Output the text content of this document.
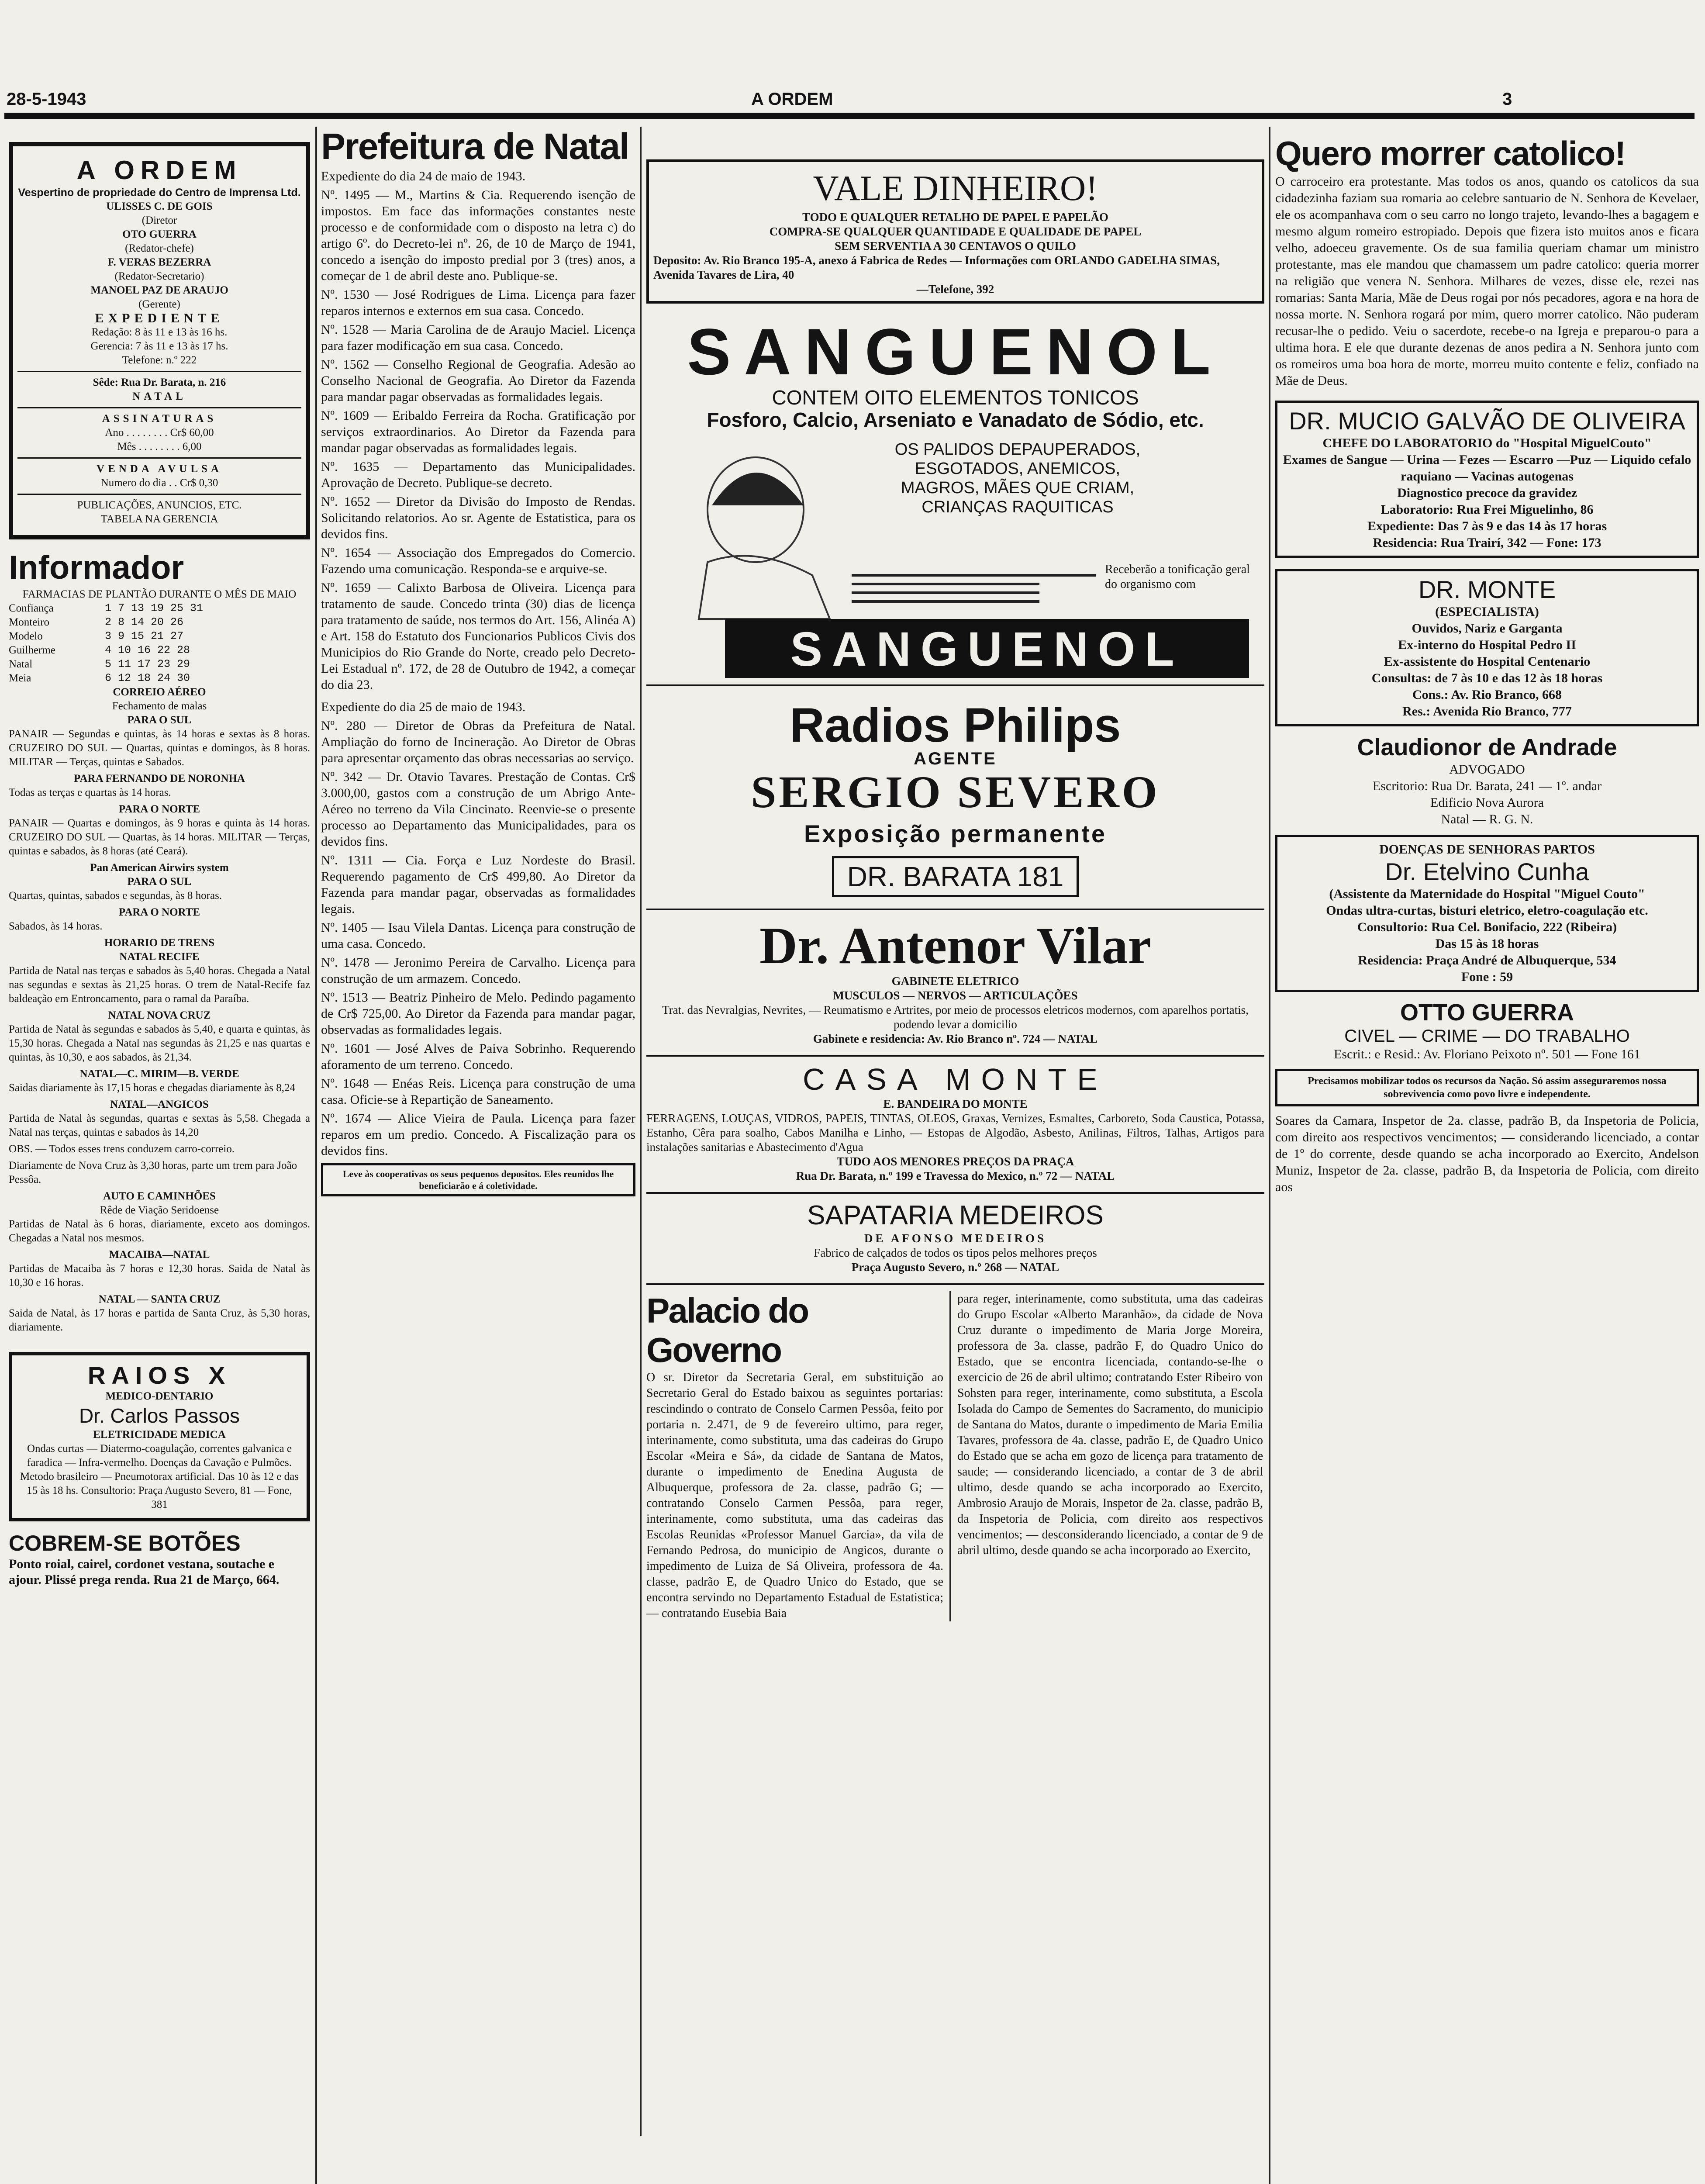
28-5-1943	A ORDEM	3
A ORDEM
Vespertino de propriedade do Centro de Imprensa Ltd.
ULISSES C. DE GOIS
(Diretor
OTO GUERRA
(Redator-chefe)
F. VERAS BEZERRA
(Redator-Secretario)
MANOEL PAZ DE ARAUJO
(Gerente)
EXPEDIENTE
Redação: 8 às 11 e 13 às 16 hs.
Gerencia: 7 às 11 e 13 às 17 hs.
Telefone: n.º 222
Sêde: Rua Dr. Barata, n. 216
NATAL
ASSINATURAS
Ano . . . . . . . . Cr$ 60,00
Mês . . . . . . . . 6,00
VENDA AVULSA
Numero do dia . . Cr$ 0,30
PUBLICAÇÕES, ANUNCIOS, ETC.
TABELA NA GERENCIA
Informador
FARMACIAS DE PLANTÃO DURANTE O MÊS DE MAIO
Confiança	1 7 13 19 25 31
Monteiro	2 8 14 20 26
Modelo	3 9 15 21 27
Guilherme	4 10 16 22 28
Natal	5 11 17 23 29
Meia	6 12 18 24 30
CORREIO AÉREO
Fechamento de malas
PARA O SUL

PANAIR — Segundas e quintas, às 14 horas e sextas às 8 horas. CRUZEIRO DO SUL — Quartas, quintas e domingos, às 8 horas. MILITAR — Terças, quintas e Sabados.

PARA FERNANDO DE NORONHA

Todas as terças e quartas às 14 horas.

PARA O NORTE

PANAIR — Quartas e domingos, às 9 horas e quinta às 14 horas. CRUZEIRO DO SUL — Quartas, às 14 horas. MILITAR — Terças, quintas e sabados, às 8 horas (até Ceará).

Pan American Airwirs system
PARA O SUL

Quartas, quintas, sabados e segundas, às 8 horas.

PARA O NORTE

Sabados, às 14 horas.

HORARIO DE TRENS
NATAL RECIFE

Partida de Natal nas terças e sabados às 5,40 horas. Chegada a Natal nas segundas e sextas às 21,25 horas. O trem de Natal-Recife faz baldeação em Entroncamento, para o ramal da Paraíba.

NATAL NOVA CRUZ

Partida de Natal às segundas e sabados às 5,40, e quarta e quintas, às 15,30 horas. Chegada a Natal nas segundas às 21,25 e nas quartas e quintas, às 10,30, e aos sabados, às 21,34.

NATAL—C. MIRIM—B. VERDE

Saidas diariamente às 17,15 horas e chegadas diariamente às 8,24

NATAL—ANGICOS

Partida de Natal às segundas, quartas e sextas às 5,58. Chegada a Natal nas terças, quintas e sabados às 14,20

OBS. — Todos esses trens conduzem carro-correio.

Diariamente de Nova Cruz às 3,30 horas, parte um trem para João Pessôa.

AUTO E CAMINHÕES
Rêde de Viação Seridoense

Partidas de Natal às 6 horas, diariamente, exceto aos domingos. Chegadas a Natal nos mesmos.

MACAIBA—NATAL

Partidas de Macaiba às 7 horas e 12,30 horas. Saida de Natal às 10,30 e 16 horas.

NATAL — SANTA CRUZ

Saida de Natal, às 17 horas e partida de Santa Cruz, às 5,30 horas, diariamente.

RAIOS X
MEDICO-DENTARIO
Dr. Carlos Passos
ELETRICIDADE MEDICA
Ondas curtas — Diatermo-coagulação, correntes galvanica e faradica — Infra-vermelho. Doenças da Cavação e Pulmões. Metodo brasileiro — Pneumotorax artificial. Das 10 às 12 e das 15 às 18 hs. Consultorio: Praça Augusto Severo, 81 — Fone, 381
COBREM-SE BOTÕES
Ponto roial, cairel, cordonet vestana, soutache e ajour. Plissé prega renda. Rua 21 de Março, 664.
Prefeitura de Natal

Expediente do dia 24 de maio de 1943.

Nº. 1495 — M., Martins & Cia. Requerendo isenção de impostos. Em face das informações constantes neste processo e de conformidade com o disposto na letra c) do artigo 6º. do Decreto-lei nº. 26, de 10 de Março de 1941, concedo a isenção do imposto predial por 3 (tres) anos, a começar de 1 de abril deste ano. Publique-se.

Nº. 1530 — José Rodrigues de Lima. Licença para fazer reparos internos e externos em sua casa. Concedo.

Nº. 1528 — Maria Carolina de de Araujo Maciel. Licença para fazer modificação em sua casa. Concedo.

Nº. 1562 — Conselho Regional de Geografia. Adesão ao Conselho Nacional de Geografia. Ao Diretor da Fazenda para mandar pagar observadas as formalidades legais.

Nº. 1609 — Eribaldo Ferreira da Rocha. Gratificação por serviços extraordinarios. Ao Diretor da Fazenda para mandar pagar observadas as formalidades legais.

Nº. 1635 — Departamento das Municipalidades. Aprovação de Decreto. Publique-se decreto.

Nº. 1652 — Diretor da Divisão do Imposto de Rendas. Solicitando relatorios. Ao sr. Agente de Estatistica, para os devidos fins.

Nº. 1654 — Associação dos Empregados do Comercio. Fazendo uma comunicação. Responda-se e arquive-se.

Nº. 1659 — Calixto Barbosa de Oliveira. Licença para tratamento de saude. Concedo trinta (30) dias de licença para tratamento de saúde, nos termos do Art. 156, Alinéa A) e Art. 158 do Estatuto dos Funcionarios Publicos Civis dos Municipios do Rio Grande do Norte, creado pelo Decreto-Lei Estadual nº. 172, de 28 de Outubro de 1942, a começar do dia 23.

Expediente do dia 25 de maio de 1943.

Nº. 280 — Diretor de Obras da Prefeitura de Natal. Ampliação do forno de Incineração. Ao Diretor de Obras para apresentar orçamento das obras necessarias ao serviço.

Nº. 342 — Dr. Otavio Tavares. Prestação de Contas. Cr$ 3.000,00, gastos com a construção de um Abrigo Ante-Aéreo no terreno da Vila Cincinato. Reenvie-se o presente processo ao Departamento das Municipalidades, para os devidos fins.

Nº. 1311 — Cia. Força e Luz Nordeste do Brasil. Requerendo pagamento de Cr$ 499,80. Ao Diretor da Fazenda para mandar pagar, observadas as formalidades legais.

Nº. 1405 — Isau Vilela Dantas. Licença para construção de uma casa. Concedo.

Nº. 1478 — Jeronimo Pereira de Carvalho. Licença para construção de um armazem. Concedo.

Nº. 1513 — Beatriz Pinheiro de Melo. Pedindo pagamento de Cr$ 725,00. Ao Diretor da Fazenda para mandar pagar, observadas as formalidades legais.

Nº. 1601 — José Alves de Paiva Sobrinho. Requerendo aforamento de um terreno. Concedo.

Nº. 1648 — Enéas Reis. Licença para construção de uma casa. Oficie-se à Repartição de Saneamento.

Nº. 1674 — Alice Vieira de Paula. Licença para fazer reparos em um predio. Concedo. A Fiscalização para os devidos fins.

Leve às cooperativas os seus pequenos depositos. Eles reunidos lhe beneficiarão e á coletividade.
VALE DINHEIRO!
TODO E QUALQUER RETALHO DE PAPEL E PAPELÃO
COMPRA-SE QUALQUER QUANTIDADE E QUALIDADE DE PAPEL
SEM SERVENTIA A 30 CENTAVOS O QUILO
Deposito: Av. Rio Branco 195-A, anexo á Fabrica de Redes — Informações com ORLANDO GADELHA SIMAS, Avenida Tavares de Lira, 40
—Telefone, 392
SANGUENOL
CONTEM OITO ELEMENTOS TONICOS
Fosforo, Calcio, Arseniato e Vanadato de Sódio, etc.
OS PALIDOS DEPAUPERADOS, ESGOTADOS, ANEMICOS, MAGROS, MÃES QUE CRIAM, CRIANÇAS RAQUITICAS
Receberão a tonificação geral do organismo com
SANGUENOL
Radios Philips
AGENTE
SERGIO SEVERO
Exposição permanente
DR. BARATA 181
Dr. Antenor Vilar
GABINETE ELETRICO
MUSCULOS — NERVOS — ARTICULAÇÕES
Trat. das Nevralgias, Nevrites, — Reumatismo e Artrites, por meio de processos eletricos modernos, com aparelhos portatis, podendo levar a domicilio
Gabinete e residencia: Av. Rio Branco nº. 724 — NATAL
CASA MONTE
E. BANDEIRA DO MONTE
FERRAGENS, LOUÇAS, VIDROS, PAPEIS, TINTAS, OLEOS, Graxas, Vernizes, Esmaltes, Carboreto, Soda Caustica, Potassa, Estanho, Cêra para soalho, Cabos Manilha e Linho, — Estopas de Algodão, Asbesto, Anilinas, Filtros, Talhas, Artigos para instalações sanitarias e Abastecimento d'Agua
TUDO AOS MENORES PREÇOS DA PRAÇA
Rua Dr. Barata, n.º 199 e Travessa do Mexico, n.º 72 — NATAL
SAPATARIA MEDEIROS
DE AFONSO MEDEIROS
Fabrico de calçados de todos os tipos pelos melhores preços
Praça Augusto Severo, n.º 268 — NATAL
Palacio do Governo
O sr. Diretor da Secretaria Geral, em substituição ao Secretario Geral do Estado baixou as seguintes portarias: rescindindo o contrato de Conselo Carmen Pessôa, feito por portaria n. 2.471, de 9 de fevereiro ultimo, para reger, interinamente, como substituta, uma das cadeiras do Grupo Escolar «Meira e Sá», da cidade de Santana de Matos, durante o impedimento de Enedina Augusta de Albuquerque, professora de 2a. classe, padrão G; — contratando Conselo Carmen Pessôa, para reger, interinamente, como substituta, uma das cadeiras das Escolas Reunidas «Professor Manuel Garcia», da vila de Fernando Pedrosa, do municipio de Angicos, durante o impedimento de Luiza de Sá Oliveira, professora de 4a. classe, padrão E, de Quadro Unico do Estado, que se encontra servindo no Departamento Estadual de Estatistica; — contratando Eusebia Baia
para reger, interinamente, como substituta, uma das cadeiras do Grupo Escolar «Alberto Maranhão», da cidade de Nova Cruz durante o impedimento de Maria Jorge Moreira, professora de 3a. classe, padrão F, do Quadro Unico do Estado, que se encontra licenciada, contando-se-lhe o exercicio de 26 de abril ultimo; contratando Ester Ribeiro von Sohsten para reger, interinamente, como substituta, a Escola Isolada do Campo de Sementes do Sacramento, do municipio de Santana do Matos, durante o impedimento de Maria Emilia Tavares, professora de 4a. classe, padrão E, de Quadro Unico do Estado que se acha em gozo de licença para tratamento de saude; — considerando licenciado, a contar de 3 de abril ultimo, desde quando se acha incorporado ao Exercito, Ambrosio Araujo de Morais, Inspetor de 2a. classe, padrão B, da Inspetoria de Policia, com direito aos respectivos vencimentos; — desconsiderando licenciado, a contar de 9 de abril ultimo, desde quando se acha incorporado ao Exercito,
Quero morrer catolico!

O carroceiro era protestante. Mas todos os anos, quando os catolicos da sua cidadezinha faziam sua romaria ao celebre santuario de N. Senhora de Kevelaer, ele os acompanhava com o seu carro no longo trajeto, levando-lhes a bagagem e mesmo algum romeiro estropiado. Depois que fizera isto muitos anos e ficara velho, adoeceu gravemente. Os de sua familia queriam chamar um ministro protestante, mas ele mandou que chamassem um padre catolico: queria morrer na religião que venera N. Senhora. Milhares de vezes, disse ele, rezei nas romarias: Santa Maria, Mãe de Deus rogai por nós pecadores, agora e na hora de nossa morte. N. Senhora rogará por mim, quero morrer catolico. Não puderam recusar-lhe o pedido. Veiu o sacerdote, recebe-o na Igreja e preparou-o para a ultima hora. E ele que durante dezenas de anos pedira a N. Senhora junto com os romeiros uma boa hora de morte, morreu muito contente e feliz, confiado na Mãe de Deus.

DR. MUCIO GALVÃO DE OLIVEIRA
CHEFE DO LABORATORIO do "Hospital MiguelCouto"
Exames de Sangue — Urina — Fezes — Escarro —Puz — Liquido cefalo raquiano — Vacinas autogenas
Diagnostico precoce da gravidez
Laboratorio: Rua Frei Miguelinho, 86
Expediente: Das 7 às 9 e das 14 às 17 horas
Residencia: Rua Trairí, 342 — Fone: 173
DR. MONTE
(ESPECIALISTA)
Ouvidos, Nariz e Garganta
Ex-interno do Hospital Pedro II
Ex-assistente do Hospital Centenario
Consultas: de 7 às 10 e das 12 às 18 horas
Cons.: Av. Rio Branco, 668
Res.: Avenida Rio Branco, 777
Claudionor de Andrade
ADVOGADO
Escritorio: Rua Dr. Barata, 241 — 1º. andar
Edificio Nova Aurora
Natal — R. G. N.
DOENÇAS DE SENHORAS PARTOS
Dr. Etelvino Cunha
(Assistente da Maternidade do Hospital "Miguel Couto"
Ondas ultra-curtas, bisturi eletrico, eletro-coagulação etc.
Consultorio: Rua Cel. Bonifacio, 222 (Ribeira)
Das 15 às 18 horas
Residencia: Praça André de Albuquerque, 534
Fone : 59
OTTO GUERRA
CIVEL — CRIME — DO TRABALHO
Escrit.: e Resid.: Av. Floriano Peixoto nº. 501 — Fone 161
Precisamos mobilizar todos os recursos da Nação. Só assim asseguraremos nossa sobrevivencia como povo livre e independente.

Soares da Camara, Inspetor de 2a. classe, padrão B, da Inspetoria de Policia, com direito aos respectivos vencimentos; — considerando licenciado, a contar de 1º do corrente, desde quando se acha incorporado ao Exercito, Andelson Muniz, Inspetor de 2a. classe, padrão B, da Inspetoria de Policia, com direito aos
